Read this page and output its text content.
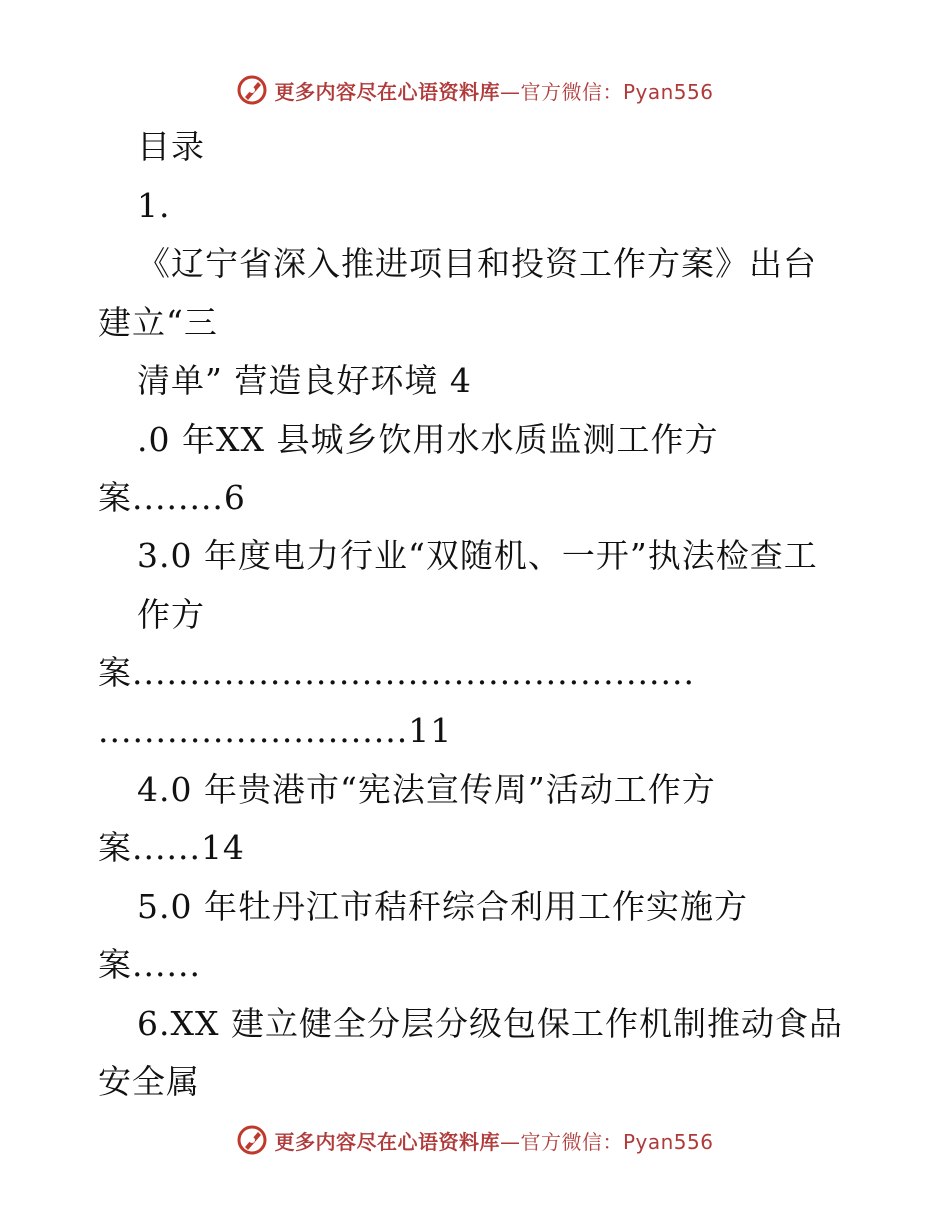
更多内容尽在心语资料库—官方微信：Pyan556
目录
1.
《辽宁省深入推进项目和投资工作方案》出台
建立“三
清单” 营造良好环境 4
.0 年XX 县城乡饮用水水质监测工作方
案........6
3.0 年度电力行业“双随机、一开”执法检查工
作方
案.................................................
...........................11
4.0 年贵港市“宪法宣传周”活动工作方
案......14
5.0 年牡丹江市秸秆综合利用工作实施方
案......
6.XX 建立健全分层分级包保工作机制推动食品
安全属
更多内容尽在心语资料库—官方微信：Pyan556
